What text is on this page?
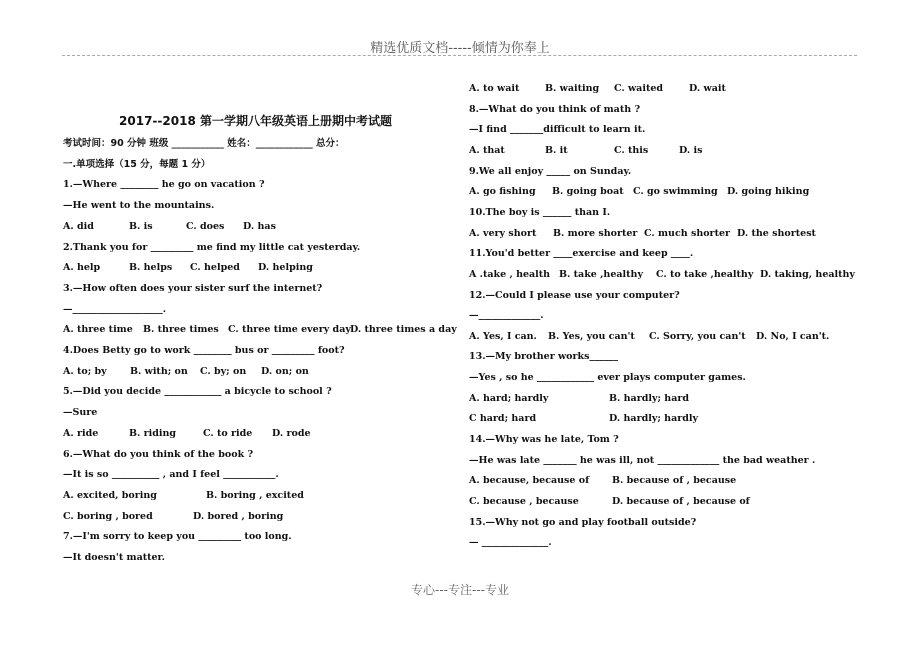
精选优质文档-----倾情为你奉上
2017--2018 第一学期八年级英语上册期中考试题
考试时间：90 分钟 班级 ___________ 姓名：____________ 总分：
一.单项选择（15 分，每题 1 分）
1.—Where ________ he go on vacation ?
—He went to the mountains.
A. did	B. is	C. does D. has
2.Thank you for _________ me find my little cat yesterday.
A. help	B. helps C. helped D. helping
3.—How often does your sister surf the internet?
—___________________.
A. three time B. three times C. three time every day D. three times a day
4.Does Betty go to work ________ bus or _________ foot?
A. to; by B. with; on C. by; on D. on; on
5.—Did you decide ____________ a bicycle to school ?
—Sure
A. ride	B. riding	C. to ride D. rode
6.—What do you think of the book ?
—It is so __________ , and I feel ___________.
A. excited, boring	B. boring , excited
C. boring , bored	D. bored , boring
7.—I'm sorry to keep you _________ too long.
—It doesn't matter.
A. to wait	B. waiting C. waited	D. wait
8.—What do you think of math ?
—I find _______difficult to learn it.
A. that	B. it	C. this	D. is
9.We all enjoy _____ on Sunday.
A. go fishing B. going boat C. go swimming D. going hiking
10.The boy is ______ than I.
A. very short B. more shorter C. much shorter D. the shortest
11.You'd better ____exercise and keep ____.
A .take , health B. take ,healthy C. to take ,healthy D. taking, healthy
12.—Could I please use your computer?
—_____________.
A. Yes, I can. B. Yes, you can't C. Sorry, you can't D. No, I can't.
13.—My brother works______
—Yes , so he ____________ ever plays computer games.
A. hard; hardly	B. hardly; hard
C hard; hard	D. hardly; hardly
14.—Why was he late, Tom ?
—He was late _______ he was ill, not _____________ the bad weather .
A. because, because of B. because of , because
C. because , because	D. because of , because of
15.—Why not go and play football outside?
— ______________.
专心---专注---专业
